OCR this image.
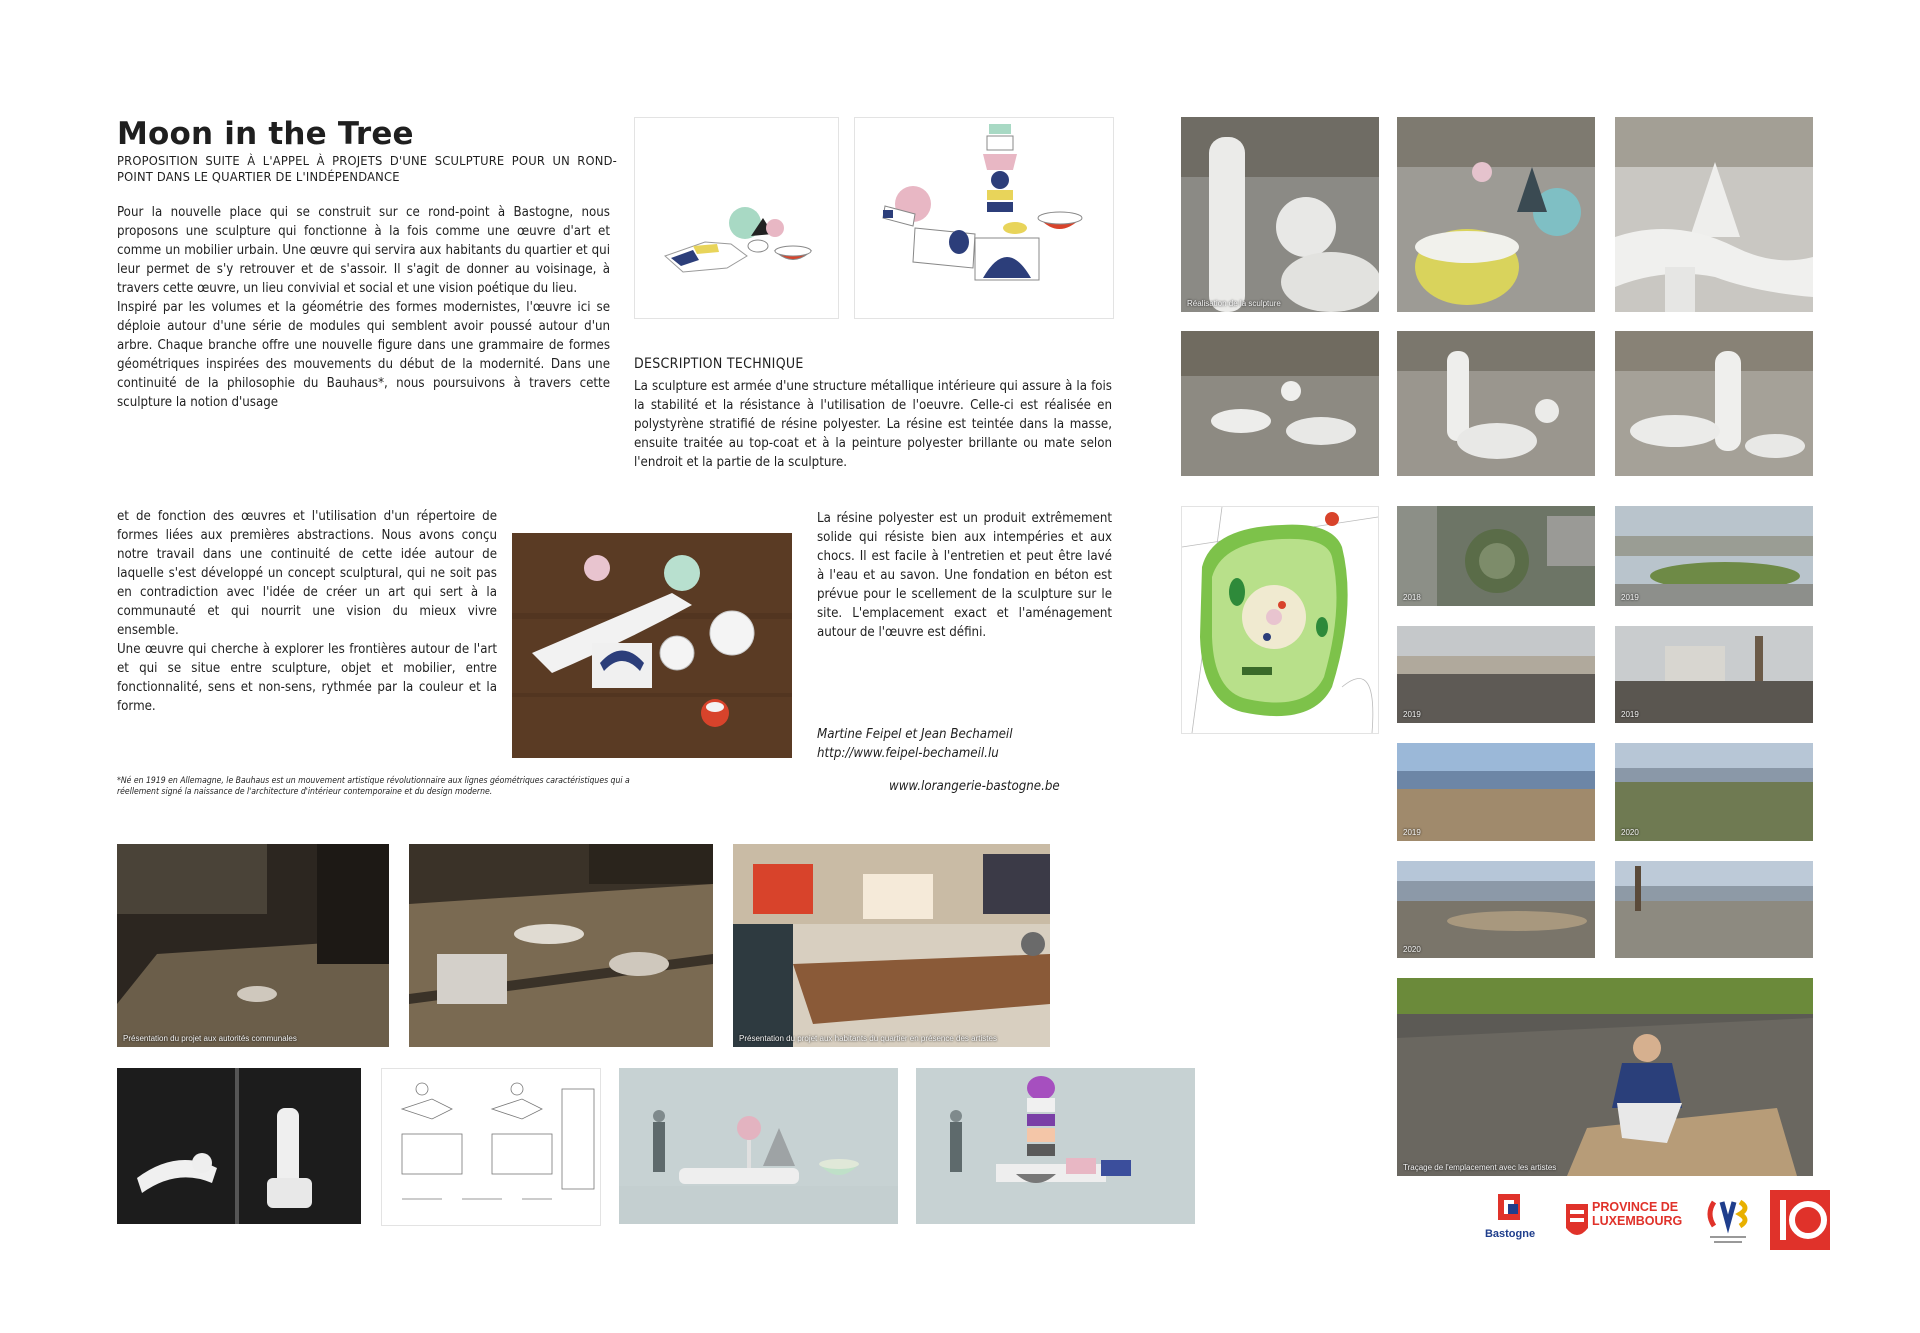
Moon in the Tree
PROPOSITION SUITE À L'APPEL À PROJETS D'UNE SCULPTURE POUR UN ROND-POINT DANS LE QUARTIER DE L'INDÉPENDANCE

Pour la nouvelle place qui se construit sur ce rond-point à Bastogne, nous proposons une sculpture qui fonctionne à la fois comme une œuvre d'art et comme un mobilier urbain. Une œuvre qui servira aux habitants du quartier et qui leur permet de s'y retrouver et de s'assoir. Il s'agit de donner au voisinage, à travers cette œuvre, un lieu convivial et social et une vision poétique du lieu.

Inspiré par les volumes et la géométrie des formes modernistes, l'œuvre ici se déploie autour d'une série de modules qui semblent avoir poussé autour d'un arbre. Chaque branche offre une nouvelle figure dans une grammaire de formes géométriques inspirées des mouvements du début de la modernité. Dans une continuité de la philosophie du Bauhaus*, nous poursuivons à travers cette sculpture la notion d'usage

et de fonction des œuvres et l'utilisation d'un répertoire de formes liées aux premières abstractions. Nous avons conçu notre travail dans une continuité de cette idée autour de laquelle s'est développé un concept sculptural, qui ne soit pas en contradiction avec l'idée de créer un art qui sert à la communauté et qui nourrit une vision du mieux vivre ensemble.

Une œuvre qui cherche à explorer les frontières autour de l'art et qui se situe entre sculpture, objet et mobilier, entre fonctionnalité, sens et non-sens, rythmée par la couleur et la forme.

*Né en 1919 en Allemagne, le Bauhaus est un mouvement artistique révolutionnaire aux lignes géométriques caractéristiques qui a réellement signé la naissance de l'architecture d'intérieur contemporaine et du design moderne.
DESCRIPTION TECHNIQUE
La sculpture est armée d'une structure métallique intérieure qui assure à la fois la stabilité et la résistance à l'utilisation de l'oeuvre. Celle-ci est réalisée en polystyrène stratifié de résine polyester. La résine est teintée dans la masse, ensuite traitée au top-coat et à la peinture polyester brillante ou mate selon l'endroit et la partie de la sculpture.
La résine polyester est un produit extrêmement solide qui résiste bien aux intempéries et aux chocs. Il est facile à l'entretien et peut être lavé à l'eau et au savon. Une fondation en béton est prévue pour le scellement de la sculpture sur le site. L'emplacement exact et l'aménagement autour de l'œuvre est défini.
Martine Feipel et Jean Bechameil
http://www.feipel-bechameil.lu
www.lorangerie-bastogne.be
Présentation du projet aux autorités communales	Présentation du projet aux habitants du quartier en présence des artistes
Réalisation de la sculpture
2018	2019
2019	2019
2019	2020
2020
Traçage de l'emplacement avec les artistes
Bastogne
PROVINCE DE
LUXEMBOURG
